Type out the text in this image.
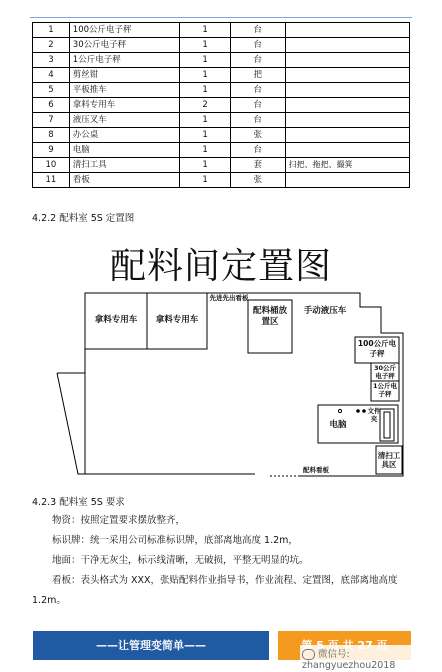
1	100公斤电子秤	1	台	
2	30公斤电子秤	1	台	
3	1公斤电子秤	1	台	
4	剪丝钳	1	把	
5	平板推车	1	台	
6	拿料专用车	2	台	
7	液压叉车	1	台	
8	办公桌	1	张	
9	电脑	1	台	
10	清扫工具	1	套	扫把、拖把、撮箕
11	看板	1	张	
4.2.2 配料室 5S 定置图
配料间定置图
拿料专用车	拿料专用车
先进先出看板
配料桶放置区
手动液压车
100公斤电子秤
30公斤电子秤
1公斤电子秤
电脑
文件夹
清扫工具区
配料看板
4.2.3 配料室 5S 要求
物资：按照定置要求摆放整齐，
标识牌：统一采用公司标准标识牌，底部离地高度 1.2m，
地面：干净无灰尘，标示线清晰，无破损，平整无明显的坑。
看板：表头格式为 XXX，张贴配料作业指导书，作业流程、定置图，底部离地高度 1.2m。
——让管理变简单——
微信号: zhangyuezhou2018
